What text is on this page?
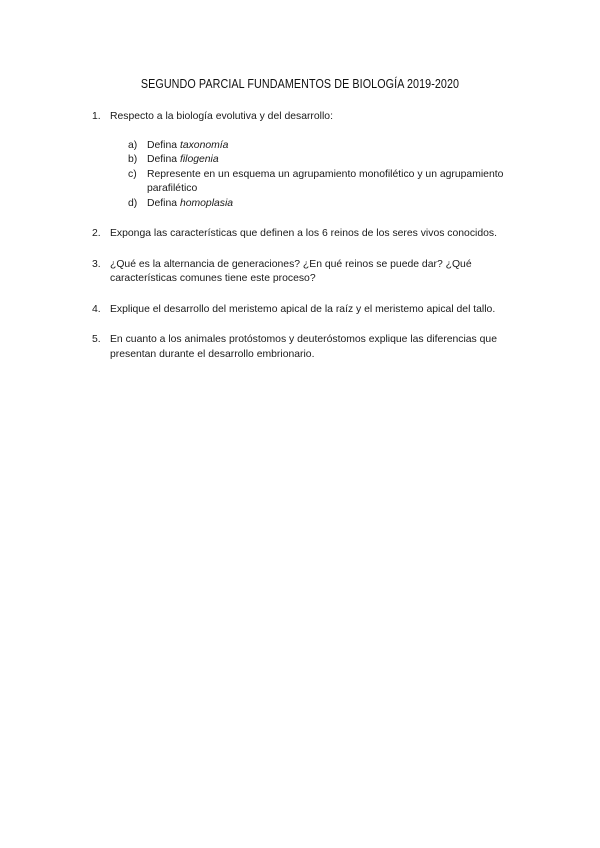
SEGUNDO PARCIAL FUNDAMENTOS DE BIOLOGÍA 2019-2020
1. Respecto a la biología evolutiva y del desarrollo:
a) Defina taxonomía
b) Defina filogenia
c) Represente en un esquema un agrupamiento monofilético y un agrupamiento parafilético
d) Defina homoplasia
2. Exponga las características que definen a los 6 reinos de los seres vivos conocidos.
3. ¿Qué es la alternancia de generaciones? ¿En qué reinos se puede dar? ¿Qué características comunes tiene este proceso?
4. Explique el desarrollo del meristemo apical de la raíz y el meristemo apical del tallo.
5. En cuanto a los animales protóstomos y deuteróstomos explique las diferencias que presentan durante el desarrollo embrionario.
